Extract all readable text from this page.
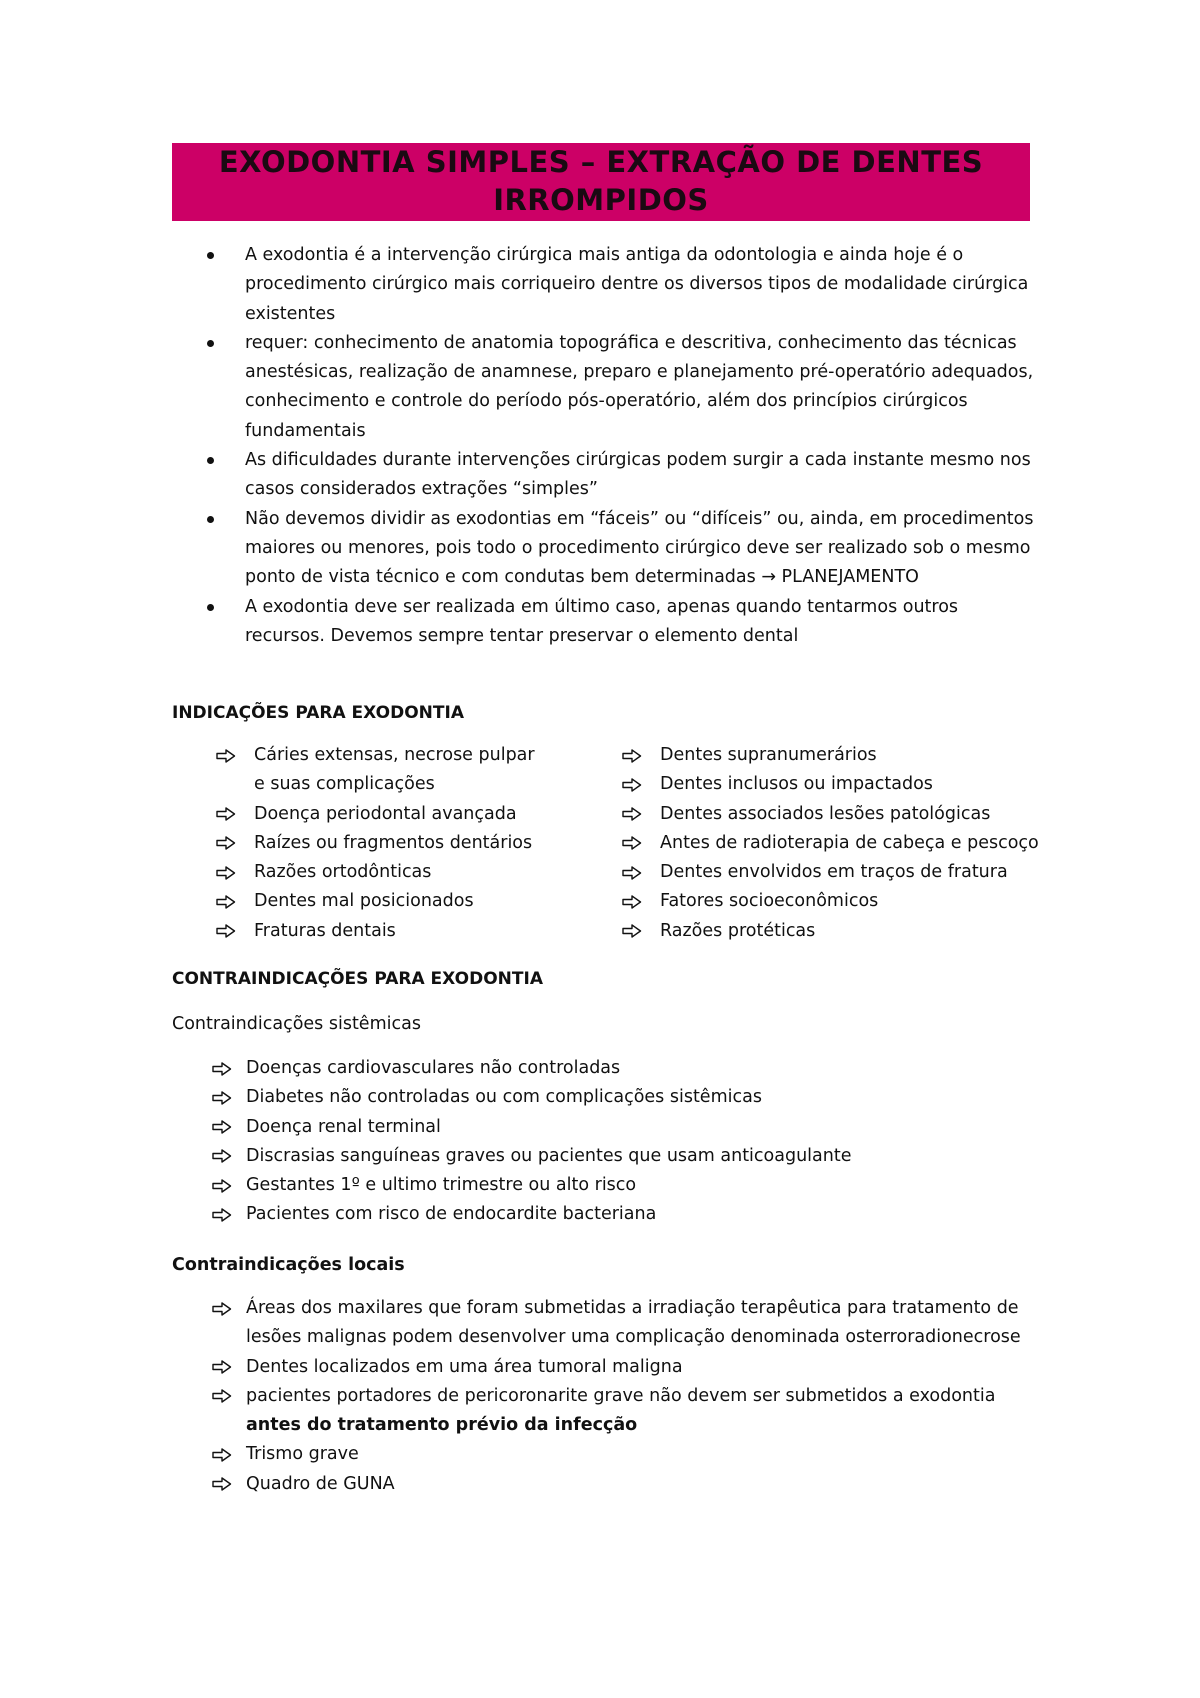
EXODONTIA SIMPLES – EXTRAÇÃO DE DENTES
IRROMPIDOS
A exodontia é a intervenção cirúrgica mais antiga da odontologia e ainda hoje é o procedimento cirúrgico mais corriqueiro dentre os diversos tipos de modalidade cirúrgica existentes
requer: conhecimento de anatomia topográfica e descritiva, conhecimento das técnicas anestésicas, realização de anamnese, preparo e planejamento pré-operatório adequados, conhecimento e controle do período pós-operatório, além dos princípios cirúrgicos fundamentais
As dificuldades durante intervenções cirúrgicas podem surgir a cada instante mesmo nos casos considerados extrações “simples”
Não devemos dividir as exodontias em “fáceis” ou “difíceis” ou, ainda, em procedimentos maiores ou menores, pois todo o procedimento cirúrgico deve ser realizado sob o mesmo ponto de vista técnico e com condutas bem determinadas → PLANEJAMENTO
A exodontia deve ser realizada em último caso, apenas quando tentarmos outros recursos. Devemos sempre tentar preservar o elemento dental
INDICAÇÕES PARA EXODONTIA
Cáries extensas, necrose pulpar
e suas complicações
Doença periodontal avançada
Raízes ou fragmentos dentários
Razões ortodônticas
Dentes mal posicionados
Fraturas dentais
Dentes supranumerários
Dentes inclusos ou impactados
Dentes associados lesões patológicas
Antes de radioterapia de cabeça e pescoço
Dentes envolvidos em traços de fratura
Fatores socioeconômicos
Razões protéticas
CONTRAINDICAÇÕES PARA EXODONTIA
Contraindicações sistêmicas
Doenças cardiovasculares não controladas
Diabetes não controladas ou com complicações sistêmicas
Doença renal terminal
Discrasias sanguíneas graves ou pacientes que usam anticoagulante
Gestantes 1º e ultimo trimestre ou alto risco
Pacientes com risco de endocardite bacteriana
Contraindicações locais
Áreas dos maxilares que foram submetidas a irradiação terapêutica para tratamento de lesões malignas podem desenvolver uma complicação denominada osterroradionecrose
Dentes localizados em uma área tumoral maligna
pacientes portadores de pericoronarite grave não devem ser submetidos a exodontia antes do tratamento prévio da infecção
Trismo grave
Quadro de GUNA
